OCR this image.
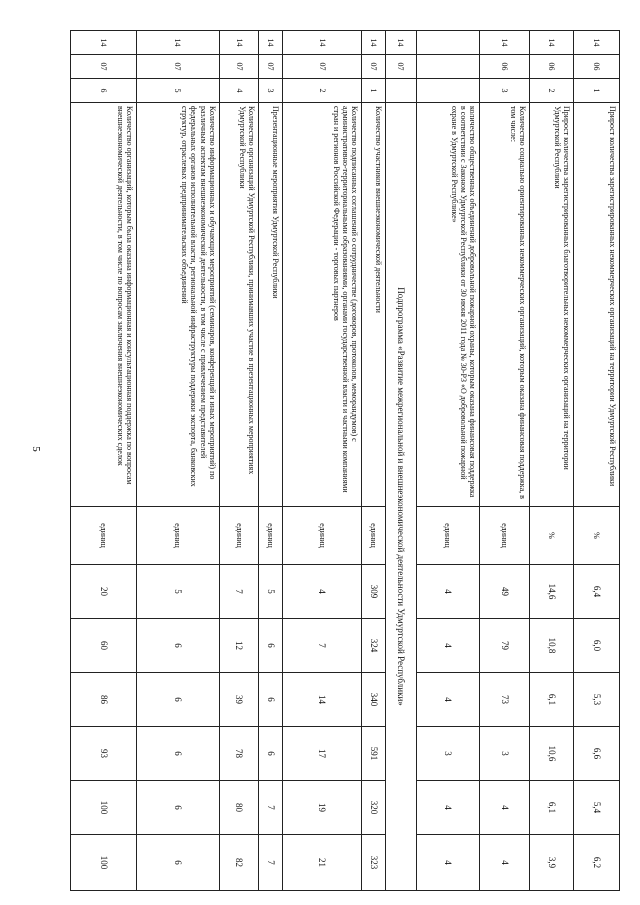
5
14	06	1	Прирост количества зарегистрированных некоммерческих организаций на территории Удмуртской Республики	%	6,4	6,0	5,3	6,6	5,4	6,2
14	06	2	Прирост количества зарегистрированных благотворительных некоммерческих организаций на территории Удмуртской Республики	%	14,6	10,8	6,1	10,6	6,1	3,9
14	06	3	Количество социально ориентированных некоммерческих организаций, которым оказана финансовая поддержка, в том числе:	единиц	49	79	73	3	4	4
			количество общественных объединений добровольной пожарной охраны, которым оказана финансовая поддержка в соответствии с Законом Удмуртской Республики от 30 июня 2011 года № 30-РЗ «О добровольной пожарной охране в Удмуртской Республике»	единиц	4	4	4	3	4	4
14	07		Подпрограмма «Развитие межрегиональной и внешнеэкономической деятельности Удмуртской Республики»							
14	07	1	Количество участников внешнеэкономической деятельности	единиц	309	324	340	591	320	323
14	07	2	Количество подписанных соглашений о сотрудничестве (договоров, протоколов, меморандумов) с административно-территориальными образованиями, органами государственной власти и частными компаниями стран и регионов Российской Федерации - торговых партнеров	единиц	4	7	14	17	19	21
14	07	3	Презентационные мероприятия Удмуртской Республики	единиц	5	6	6	6	7	7
14	07	4	Количество организаций Удмуртской Республики, принимавших участие в презентационных мероприятиях Удмуртской Республики	единиц	7	12	39	78	80	82
14	07	5	Количество информационных и обучающих мероприятий (семинаров, конференций и иных мероприятий) по различным аспектам внешнеэкономической деятельности, в том числе с привлечением представителей федеральных органов исполнительной власти, региональной инфраструктуры поддержки экспорта, банковских структур, отраслевых предпринимательских объединений	единиц	5	6	6	6	6	6
14	07	6	Количество организаций, которым была оказана информационная и консультационная поддержка по вопросам внешнеэкономической деятельности, в том числе по вопросам заключения внешнеэкономических сделок	единиц	20	60	86	93	100	100
